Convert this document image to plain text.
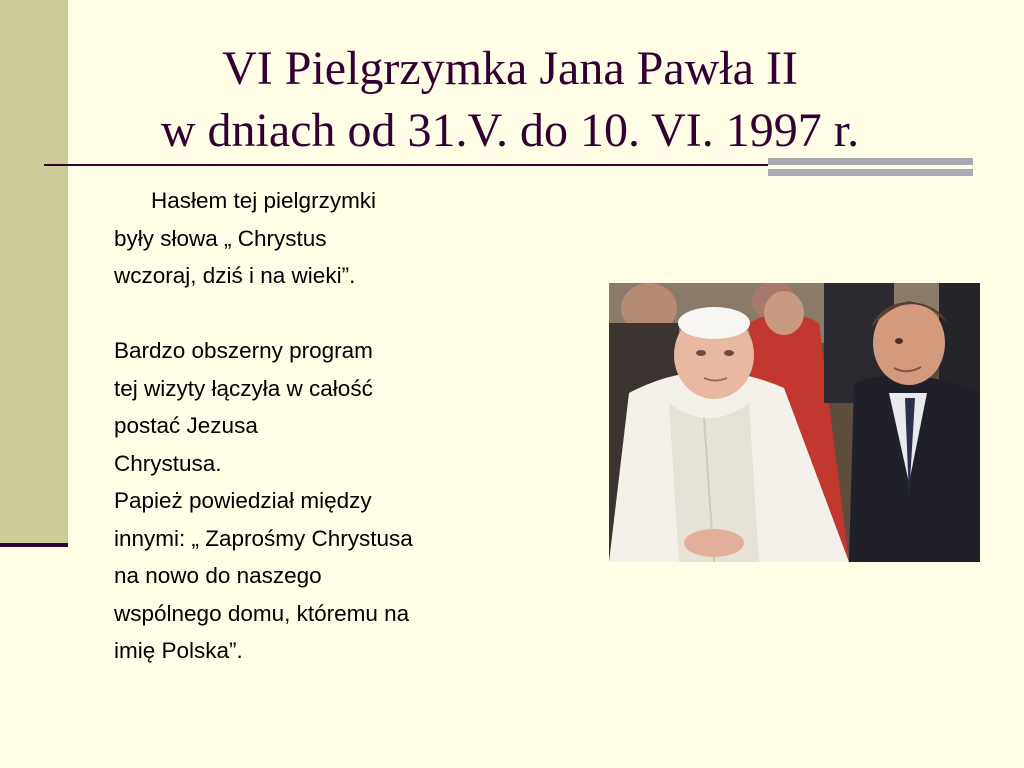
VI Pielgrzymka Jana Pawła II
w dniach od 31.V. do 10. VI. 1997 r.
Hasłem tej pielgrzymki
były słowa „ Chrystus
wczoraj, dziś i na wieki”.
Bardzo obszerny program
tej wizyty łączyła w całość
postać Jezusa
Chrystusa.
Papież powiedział między
innymi: „ Zaprośmy Chrystusa
na nowo do naszego
wspólnego domu, któremu na
imię Polska”.
